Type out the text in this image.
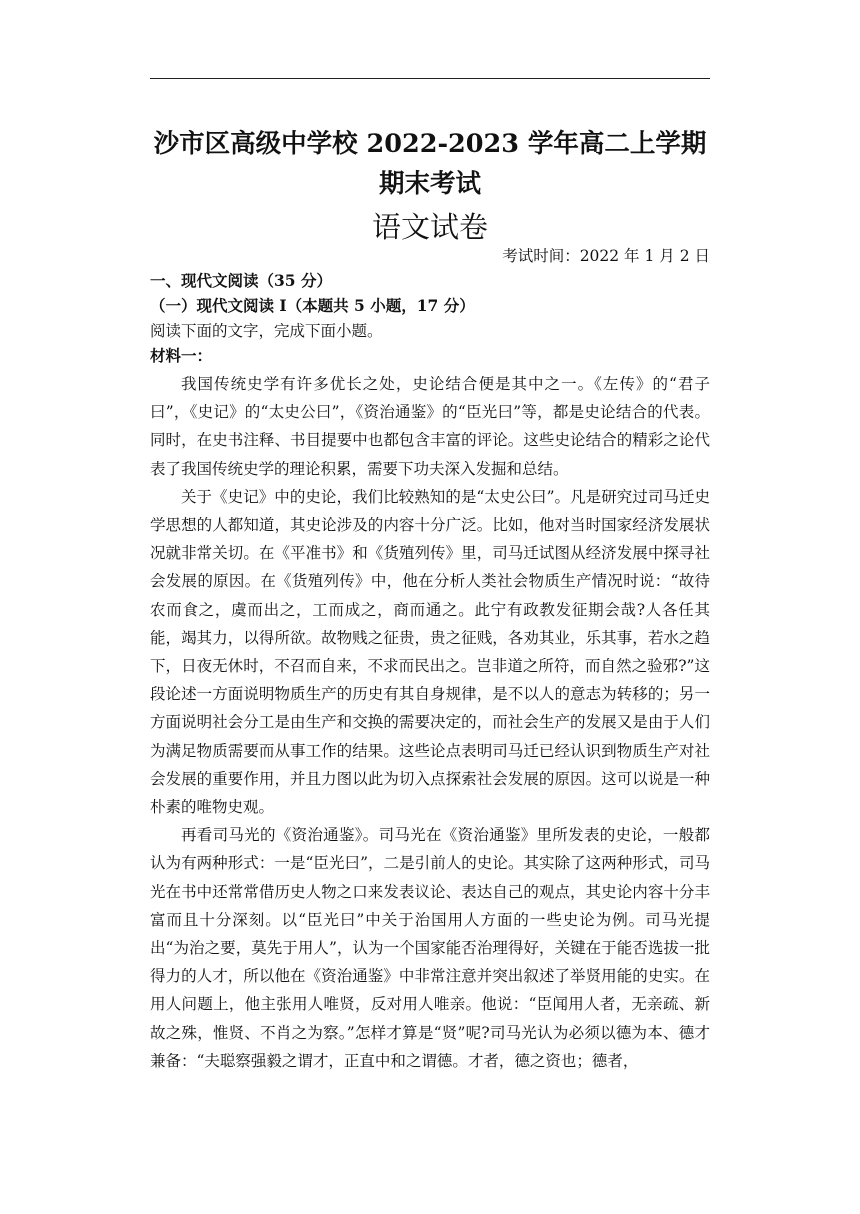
沙市区高级中学校 2022-2023 学年高二上学期期末考试
语文试卷
考试时间：2022 年 1 月 2 日
一、现代文阅读（35 分）
（一）现代文阅读 I（本题共 5 小题，17 分）
阅读下面的文字，完成下面小题。
材料一：

我国传统史学有许多优长之处，史论结合便是其中之一。《左传》的“君子曰”，《史记》的“太史公曰”，《资治通鉴》的“臣光曰”等，都是史论结合的代表。同时，在史书注释、书目提要中也都包含丰富的评论。这些史论结合的精彩之论代表了我国传统史学的理论积累，需要下功夫深入发掘和总结。

关于《史记》中的史论，我们比较熟知的是“太史公曰”。凡是研究过司马迁史学思想的人都知道，其史论涉及的内容十分广泛。比如，他对当时国家经济发展状况就非常关切。在《平准书》和《货殖列传》里，司马迁试图从经济发展中探寻社会发展的原因。在《货殖列传》中，他在分析人类社会物质生产情况时说：“故待农而食之，虞而出之，工而成之，商而通之。此宁有政教发征期会哉?人各任其能，竭其力，以得所欲。故物贱之征贵，贵之征贱，各劝其业，乐其事，若水之趋下，日夜无休时，不召而自来，不求而民出之。岂非道之所符，而自然之验邪?”这段论述一方面说明物质生产的历史有其自身规律，是不以人的意志为转移的；另一方面说明社会分工是由生产和交换的需要决定的，而社会生产的发展又是由于人们为满足物质需要而从事工作的结果。这些论点表明司马迁已经认识到物质生产对社会发展的重要作用，并且力图以此为切入点探索社会发展的原因。这可以说是一种朴素的唯物史观。

再看司马光的《资治通鉴》。司马光在《资治通鉴》里所发表的史论，一般都认为有两种形式：一是“臣光曰”，二是引前人的史论。其实除了这两种形式，司马光在书中还常常借历史人物之口来发表议论、表达自己的观点，其史论内容十分丰富而且十分深刻。以“臣光曰”中关于治国用人方面的一些史论为例。司马光提出“为治之要，莫先于用人”，认为一个国家能否治理得好，关键在于能否选拔一批得力的人才，所以他在《资治通鉴》中非常注意并突出叙述了举贤用能的史实。在用人问题上，他主张用人唯贤，反对用人唯亲。他说：“臣闻用人者，无亲疏、新故之殊，惟贤、不肖之为察。”怎样才算是“贤”呢?司马光认为必须以德为本、德才兼备：“夫聪察强毅之谓才，正直中和之谓德。才者，德之资也；德者，
